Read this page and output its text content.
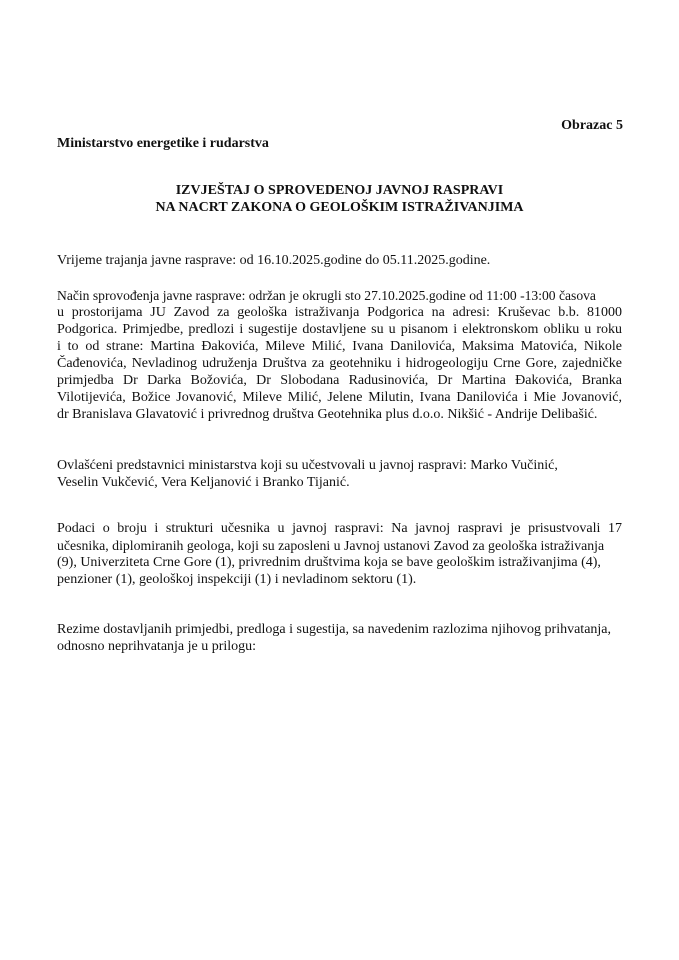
Obrazac 5
Ministarstvo energetike i rudarstva
IZVJEŠTAJ O SPROVEDENOJ JAVNOJ RASPRAVI
NA NACRT ZAKONA O GEOLOŠKIM ISTRAŽIVANJIMA
Vrijeme trajanja javne rasprave: od 16.10.2025.godine do 05.11.2025.godine.
Način sprovođenja javne rasprave: održan je okrugli sto 27.10.2025.godine od 11:00 -13:00 časova
u prostorijama JU Zavod za geološka istraživanja Podgorica na adresi: Kruševac b.b. 81000
Podgorica. Primjedbe, predlozi i sugestije dostavljene su u pisanom i elektronskom obliku u roku
i to od strane: Martina Đakovića, Mileve Milić, Ivana Danilovića, Maksima Matovića, Nikole
Čađenovića, Nevladinog udruženja Društva za geotehniku i hidrogeologiju Crne Gore, zajedničke
primjedba Dr Darka Božovića, Dr Slobodana Radusinovića, Dr Martina Đakovića, Branka
Vilotijevića, Božice Jovanović, Mileve Milić, Jelene Milutin, Ivana Danilovića i Mie Jovanović,
dr Branislava Glavatović i privrednog društva Geotehnika plus d.o.o. Nikšić - Andrije Delibašić.
Ovlašćeni predstavnici ministarstva koji su učestvovali u javnoj raspravi: Marko Vučinić,
Veselin Vukčević, Vera Keljanović i Branko Tijanić.
Podaci o broju i strukturi učesnika u javnoj raspravi: Na javnoj raspravi je prisustvovali 17
učesnika, diplomiranih geologa, koji su zaposleni u Javnoj ustanovi Zavod za geološka istraživanja
(9), Univerziteta Crne Gore (1), privrednim društvima koja se bave geološkim istraživanjima (4),
penzioner (1), geološkoj inspekciji (1) i nevladinom sektoru (1).
Rezime dostavljanih primjedbi, predloga i sugestija, sa navedenim razlozima njihovog prihvatanja,
odnosno neprihvatanja je u prilogu:
